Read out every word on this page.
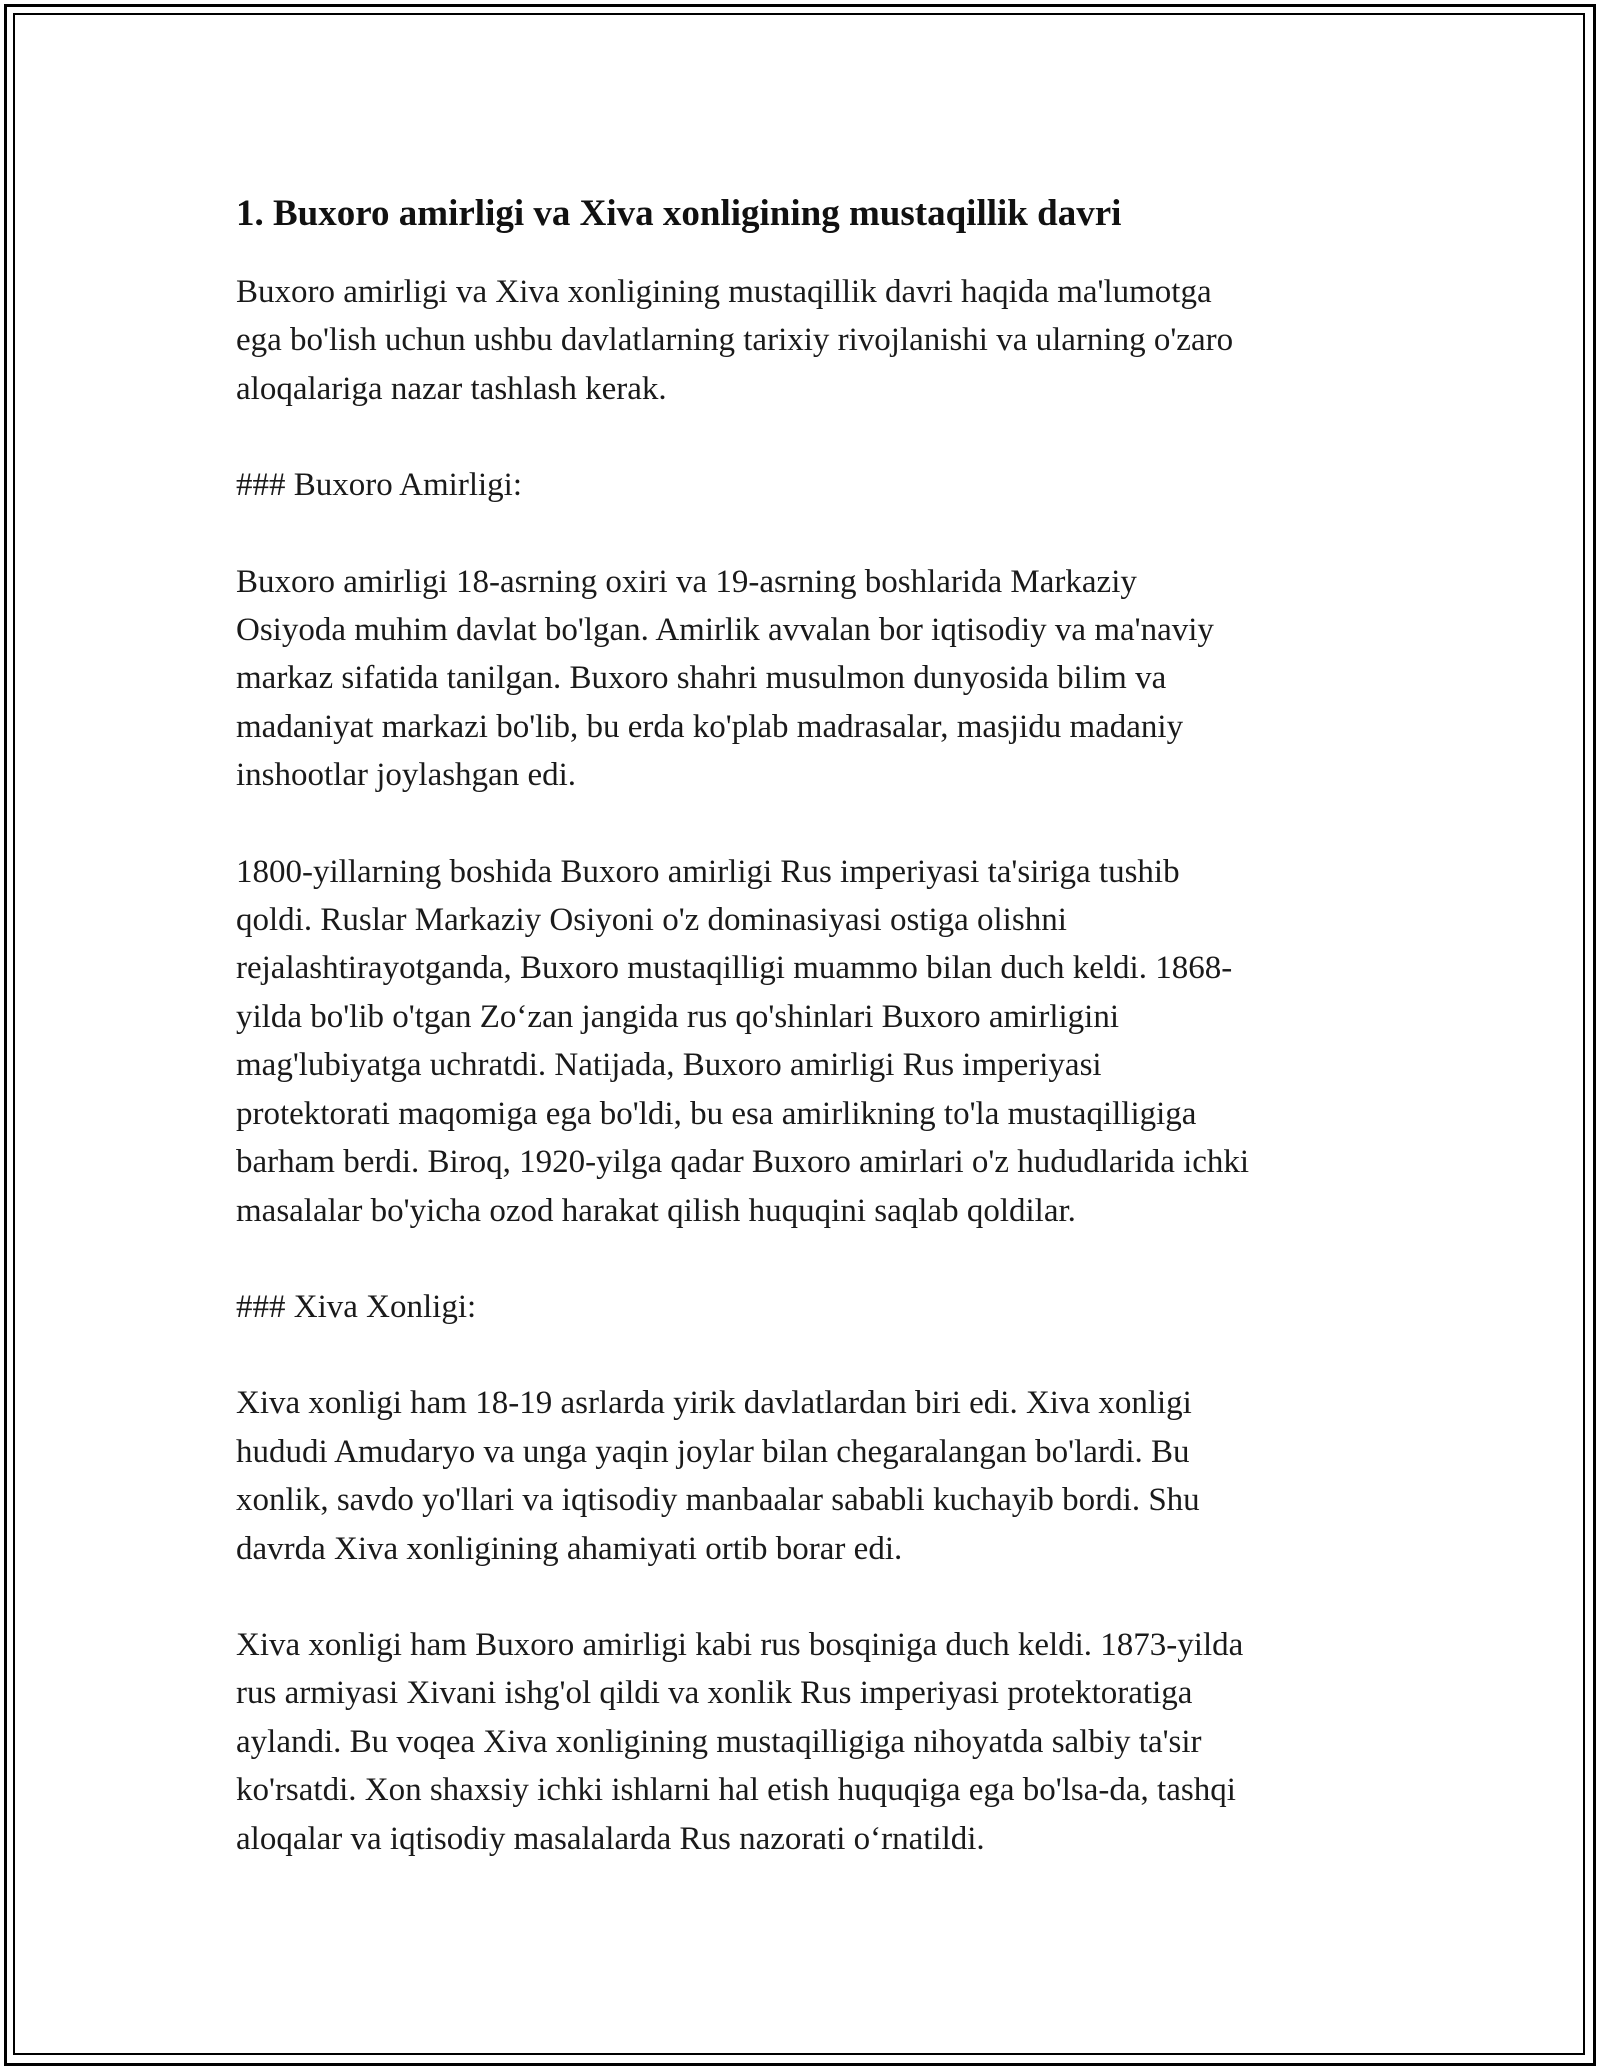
1. Buxoro amirligi va Xiva xonligining mustaqillik davri

Buxoro amirligi va Xiva xonligining mustaqillik davri haqida ma'lumotga
ega bo'lish uchun ushbu davlatlarning tarixiy rivojlanishi va ularning o'zaro
aloqalariga nazar tashlash kerak.

### Buxoro Amirligi:

Buxoro amirligi 18-asrning oxiri va 19-asrning boshlarida Markaziy
Osiyoda muhim davlat bo'lgan. Amirlik avvalan bor iqtisodiy va ma'naviy
markaz sifatida tanilgan. Buxoro shahri musulmon dunyosida bilim va
madaniyat markazi bo'lib, bu erda ko'plab madrasalar, masjidu madaniy
inshootlar joylashgan edi.

1800-yillarning boshida Buxoro amirligi Rus imperiyasi ta'siriga tushib
qoldi. Ruslar Markaziy Osiyoni o'z dominasiyasi ostiga olishni
rejalashtirayotganda, Buxoro mustaqilligi muammo bilan duch keldi. 1868-
yilda bo'lib o'tgan Zo‘zan jangida rus qo'shinlari Buxoro amirligini
mag'lubiyatga uchratdi. Natijada, Buxoro amirligi Rus imperiyasi
protektorati maqomiga ega bo'ldi, bu esa amirlikning to'la mustaqilligiga
barham berdi. Biroq, 1920-yilga qadar Buxoro amirlari o'z hududlarida ichki
masalalar bo'yicha ozod harakat qilish huquqini saqlab qoldilar.

### Xiva Xonligi:

Xiva xonligi ham 18-19 asrlarda yirik davlatlardan biri edi. Xiva xonligi
hududi Amudaryo va unga yaqin joylar bilan chegaralangan bo'lardi. Bu
xonlik, savdo yo'llari va iqtisodiy manbaalar sababli kuchayib bordi. Shu
davrda Xiva xonligining ahamiyati ortib borar edi.

Xiva xonligi ham Buxoro amirligi kabi rus bosqiniga duch keldi. 1873-yilda
rus armiyasi Xivani ishg'ol qildi va xonlik Rus imperiyasi protektoratiga
aylandi. Bu voqea Xiva xonligining mustaqilligiga nihoyatda salbiy ta'sir
ko'rsatdi. Xon shaxsiy ichki ishlarni hal etish huquqiga ega bo'lsa-da, tashqi
aloqalar va iqtisodiy masalalarda Rus nazorati o‘rnatildi.
